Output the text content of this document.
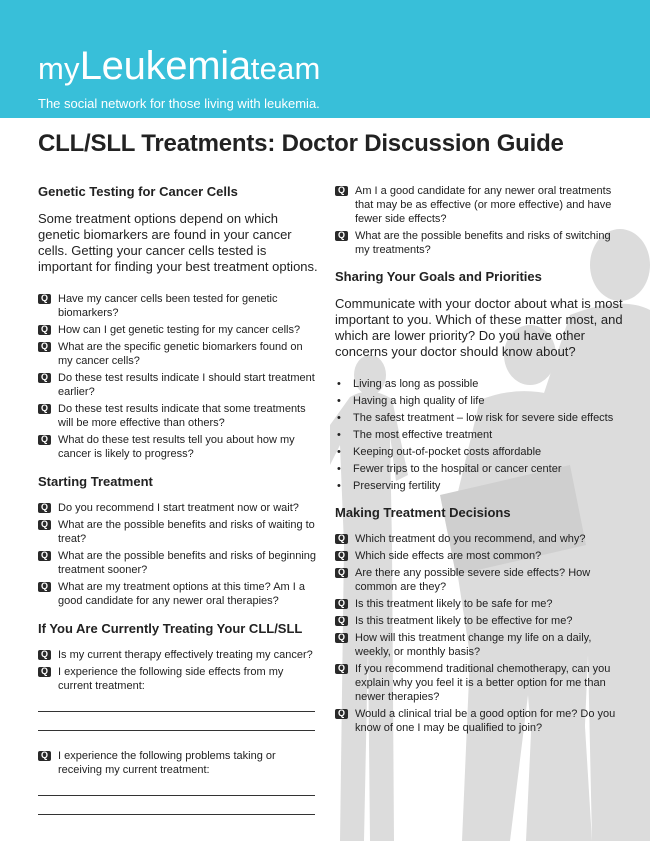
myLeukemiateam
The social network for those living with leukemia.
CLL/SLL Treatments: Doctor Discussion Guide
Genetic Testing for Cancer Cells

Some treatment options depend on which genetic biomarkers are found in your cancer cells. Getting your cancer cells tested is important for finding your best treatment options.

Q
Have my cancer cells been tested for genetic biomarkers?
Q
How can I get genetic testing for my cancer cells?
Q
What are the specific genetic biomarkers found on my cancer cells?
Q
Do these test results indicate I should start treatment earlier?
Q
Do these test results indicate that some treatments will be more effective than others?
Q
What do these test results tell you about how my cancer is likely to progress?
Starting Treatment
Q
Do you recommend I start treatment now or wait?
Q
What are the possible benefits and risks of waiting to treat?
Q
What are the possible benefits and risks of beginning treatment sooner?
Q
What are my treatment options at this time? Am I a good candidate for any newer oral therapies?
If You Are Currently Treating Your CLL/SLL
Q
Is my current therapy effectively treating my cancer?
Q
I experience the following side effects from my current treatment:
Q
I experience the following problems taking or receiving my current treatment:
Q
Am I a good candidate for any newer oral treatments that may be as effective (or more effective) and have fewer side effects?
Q
What are the possible benefits and risks of switching my treatments?
Sharing Your Goals and Priorities

Communicate with your doctor about what is most important to you. Which of these matter most, and which are lower priority? Do you have other concerns your doctor should know about?

• Living as long as possible
• Having a high quality of life
• The safest treatment – low risk for severe side effects
• The most effective treatment
• Keeping out-of-pocket costs affordable
• Fewer trips to the hospital or cancer center
• Preserving fertility
Making Treatment Decisions
Q
Which treatment do you recommend, and why?
Q
Which side effects are most common?
Q
Are there any possible severe side effects? How common are they?
Q
Is this treatment likely to be safe for me?
Q
Is this treatment likely to be effective for me?
Q
How will this treatment change my life on a daily, weekly, or monthly basis?
Q
If you recommend traditional chemotherapy, can you explain why you feel it is a better option for me than newer therapies?
Q
Would a clinical trial be a good option for me? Do you know of one I may be qualified to join?
